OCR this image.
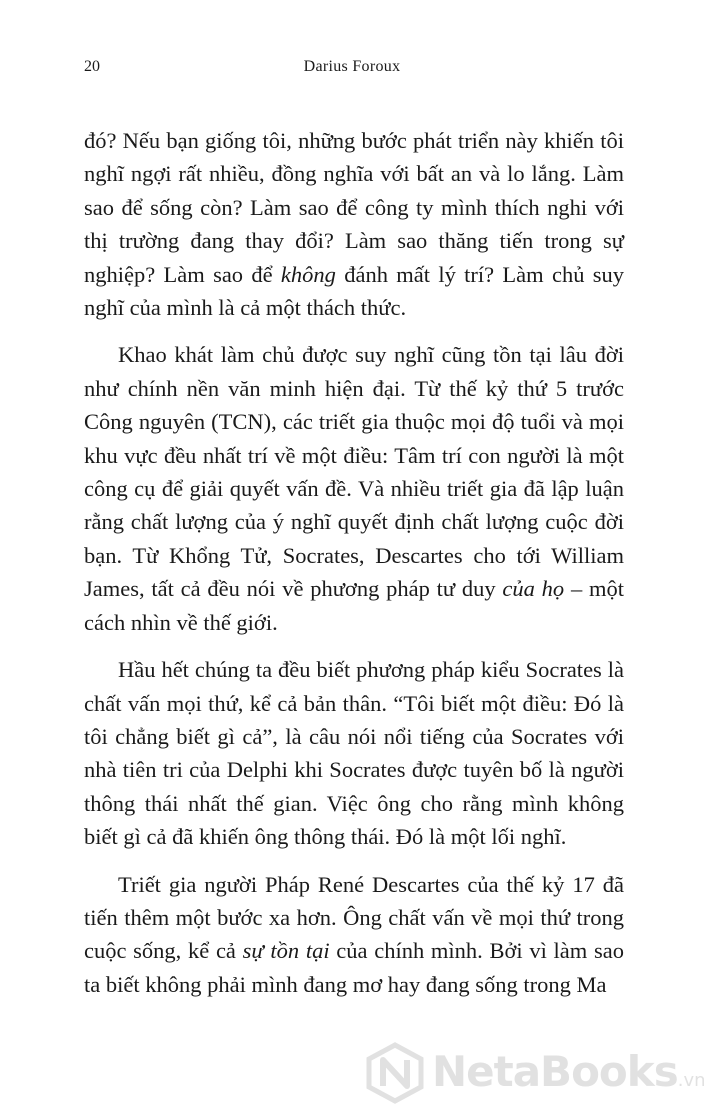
20	Darius Foroux

đó? Nếu bạn giống tôi, những bước phát triển này khiến tôi nghĩ ngợi rất nhiều, đồng nghĩa với bất an và lo lắng. Làm sao để sống còn? Làm sao để công ty mình thích nghi với thị trường đang thay đổi? Làm sao thăng tiến trong sự nghiệp? Làm sao để không đánh mất lý trí? Làm chủ suy nghĩ của mình là cả một thách thức.

Khao khát làm chủ được suy nghĩ cũng tồn tại lâu đời như chính nền văn minh hiện đại. Từ thế kỷ thứ 5 trước Công nguyên (TCN), các triết gia thuộc mọi độ tuổi và mọi khu vực đều nhất trí về một điều: Tâm trí con người là một công cụ để giải quyết vấn đề. Và nhiều triết gia đã lập luận rằng chất lượng của ý nghĩ quyết định chất lượng cuộc đời bạn. Từ Khổng Tử, Socrates, Descartes cho tới William James, tất cả đều nói về phương pháp tư duy của họ – một cách nhìn về thế giới.

Hầu hết chúng ta đều biết phương pháp kiểu Socrates là chất vấn mọi thứ, kể cả bản thân. “Tôi biết một điều: Đó là tôi chẳng biết gì cả”, là câu nói nổi tiếng của Socrates với nhà tiên tri của Delphi khi Socrates được tuyên bố là người thông thái nhất thế gian. Việc ông cho rằng mình không biết gì cả đã khiến ông thông thái. Đó là một lối nghĩ.

Triết gia người Pháp René Descartes của thế kỷ 17 đã tiến thêm một bước xa hơn. Ông chất vấn về mọi thứ trong cuộc sống, kể cả sự tồn tại của chính mình. Bởi vì làm sao ta biết không phải mình đang mơ hay đang sống trong Ma

NetaBooks.vn
